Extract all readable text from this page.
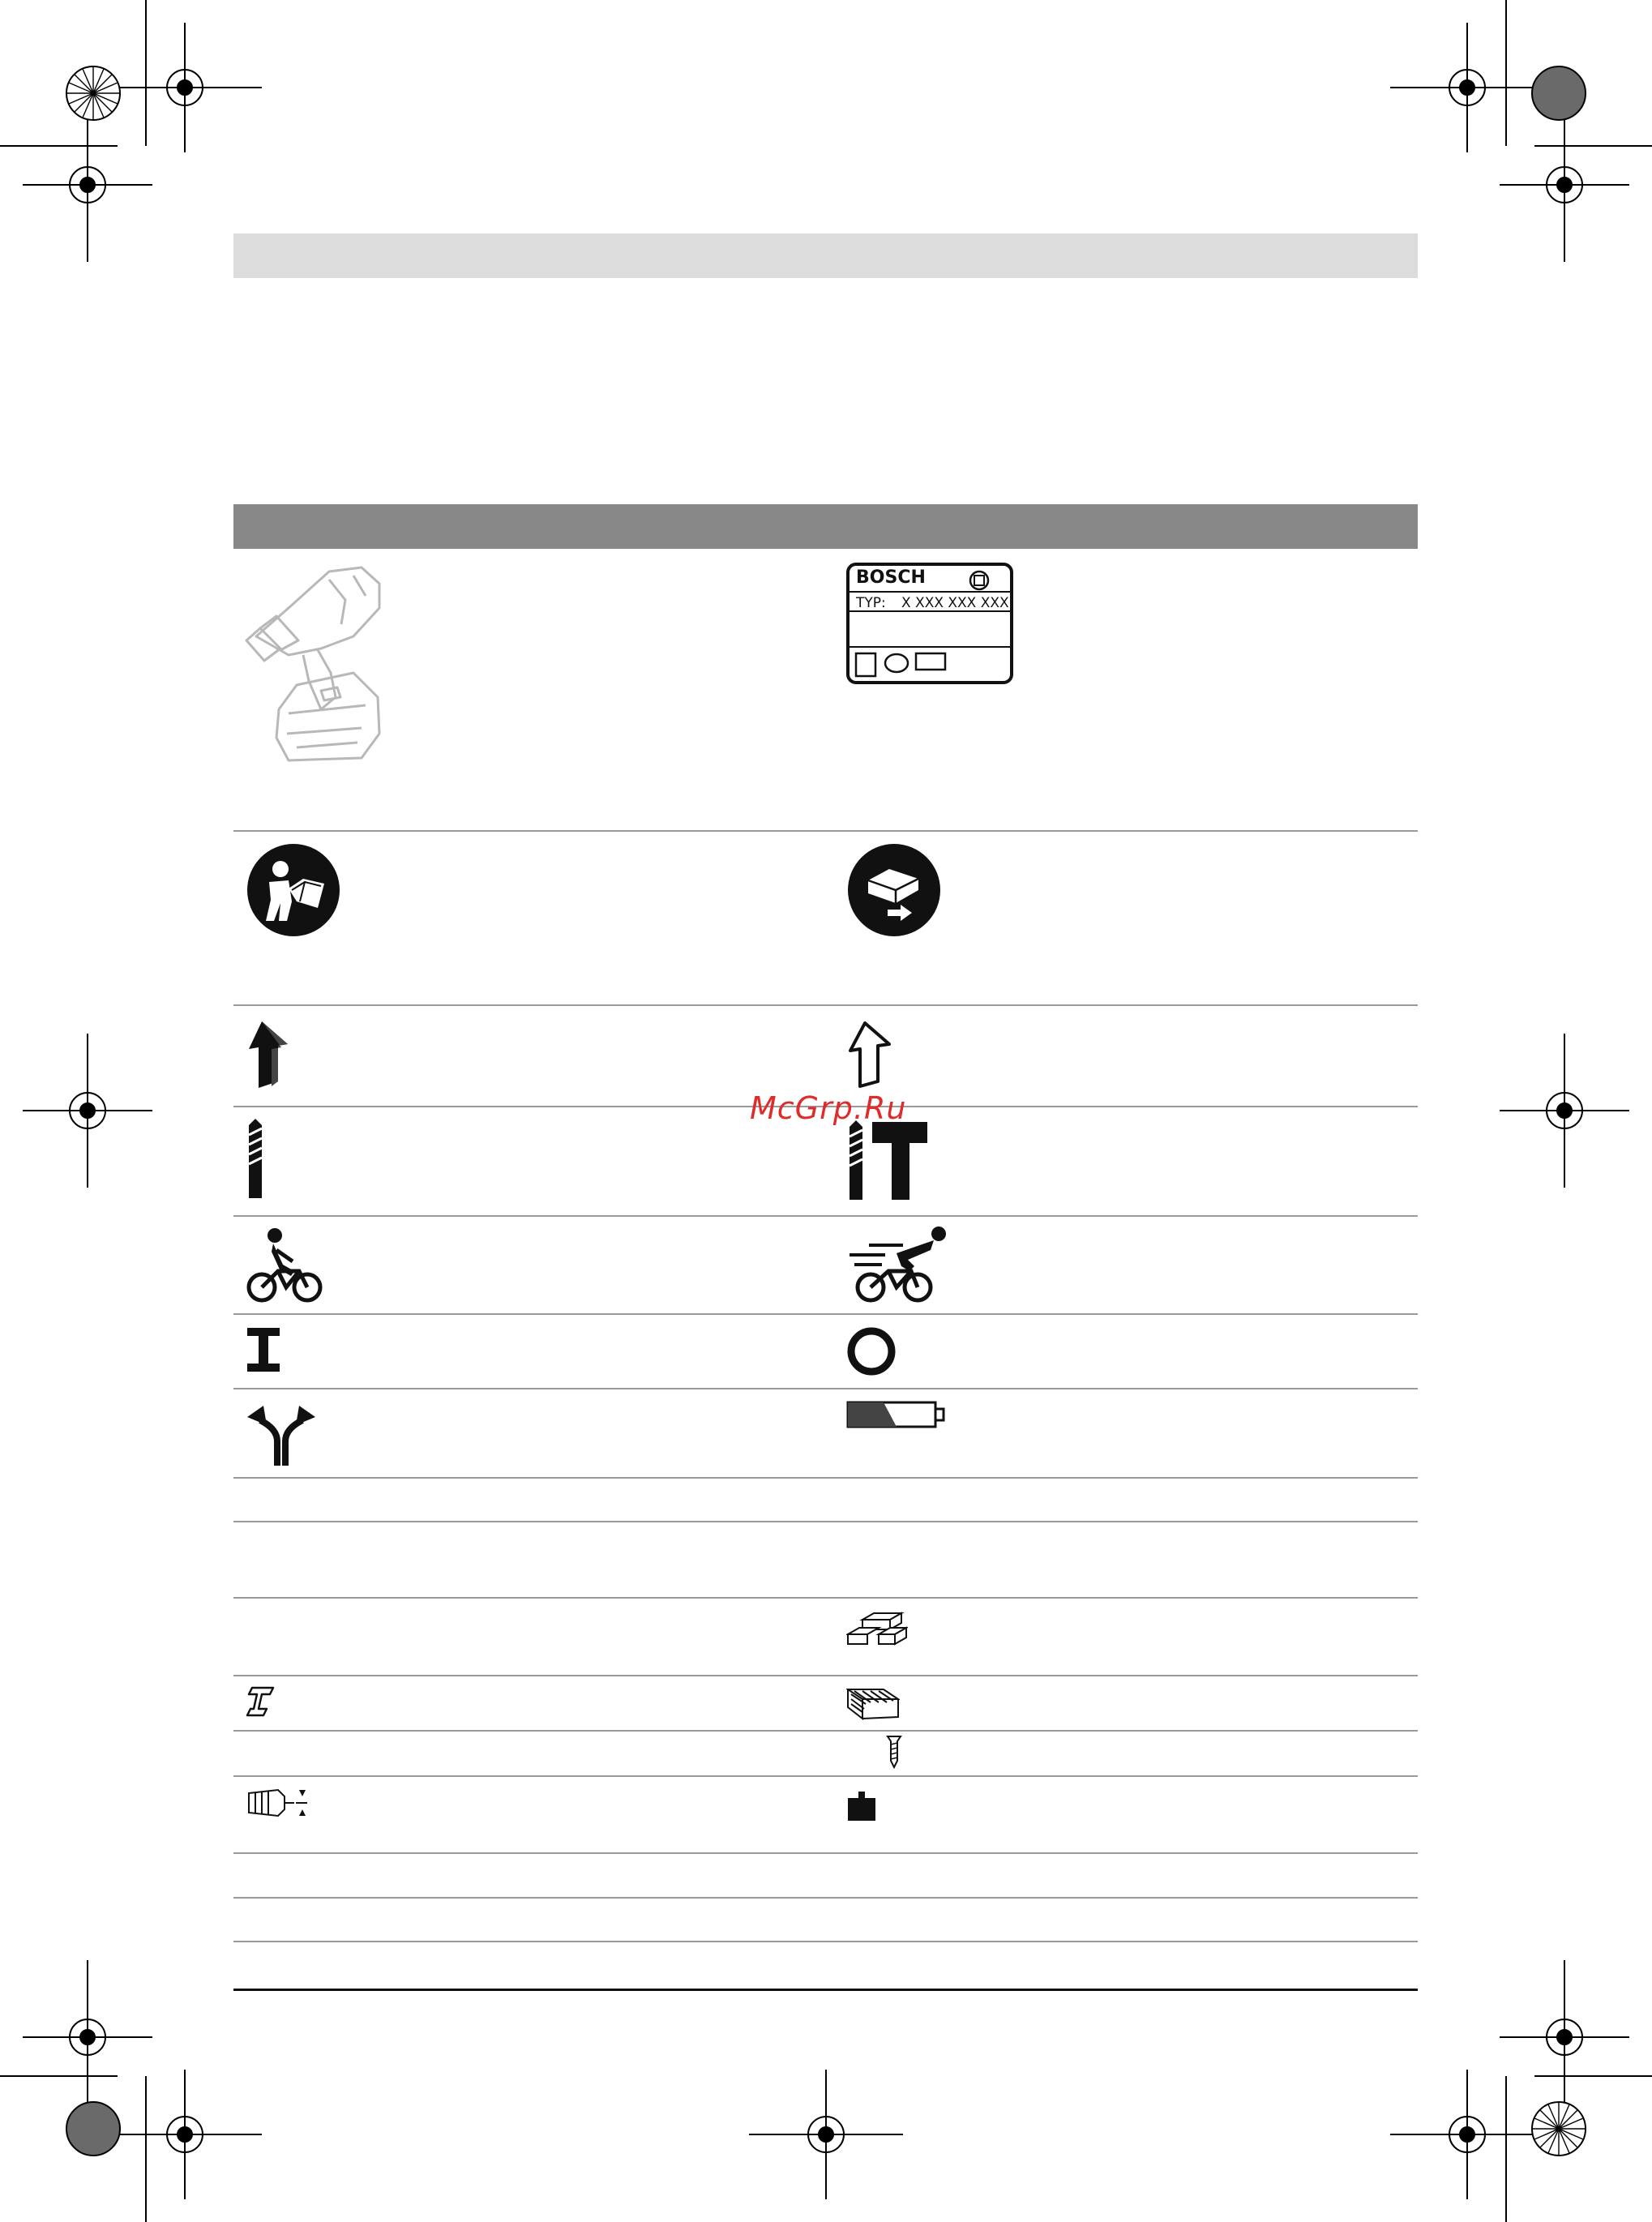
BOSCH
TYP: X XXX XXX XXX
McGrp.Ru
